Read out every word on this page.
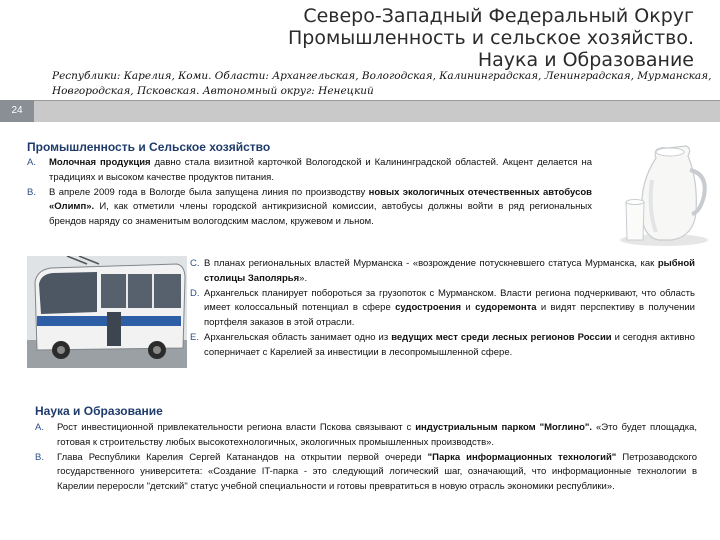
Северо-Западный Федеральный Округ
Промышленность и сельское хозяйство.
Наука и Образование
Республики: Карелия, Коми. Области: Архангельская, Вологодская, Калининградская, Ленинградская, Мурманская, Новгородская, Псковская. Автономный округ: Ненецкий
24
Промышленность и Сельское хозяйство
A. Молочная продукция давно стала визитной карточкой Вологодской и Калининградской областей. Акцент делается на традициях и высоком качестве продуктов питания.
B. В апреле 2009 года в Вологде была запущена линия по производству новых экологичных отечественных автобусов «Олимп». И, как отметили члены городской антикризисной комиссии, автобусы должны войти в ряд региональных брендов наряду со знаменитым вологодским маслом, кружевом и льном.
C. В планах региональных властей Мурманска - «возрождение потускневшего статуса Мурманска, как рыбной столицы Заполярья».
D. Архангельск планирует побороться за грузопоток с Мурманском. Власти региона подчеркивают, что область имеет колоссальный потенциал в сфере судостроения и судоремонта и видят перспективу в получении портфеля заказов в этой отрасли.
E. Архангельская область занимает одно из ведущих мест среди лесных регионов России и сегодня активно соперничает с Карелией за инвестиции в лесопромышленной сфере.
Наука и Образование
A. Рост инвестиционной привлекательности региона власти Пскова связывают с индустриальным парком "Моглино". «Это будет площадка, готовая к строительству любых высокотехнологичных, экологичных промышленных производств».
B. Глава Республики Карелия Сергей Катанандов на открытии первой очереди "Парка информационных технологий" Петрозаводского государственного университета: «Создание IT-парка - это следующий логический шаг, означающий, что информационные технологии в Карелии переросли "детский" статус учебной специальности и готовы превратиться в новую отрасль экономики республики».
